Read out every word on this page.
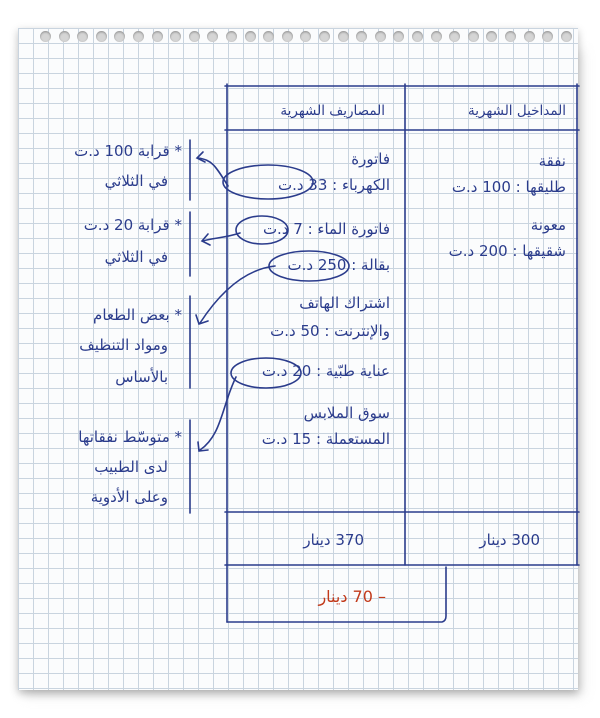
المداخيل الشهرية
المصاريف الشهرية
نفقة
طليقها : 100 د.ت
معونة
شقيقها : 200 د.ت
فاتورة
الكهرباء : 33 د.ت
فاتورة الماء : 7 د.ت
بقالة : 250 د.ت
اشتراك الهاتف
والإنترنت : 50 د.ت
عناية طبّية : 20 د.ت
سوق الملابس
المستعملة : 15 د.ت
300 دينار
370 دينار
– 70 دينار
* قرابة 100 د.ت
في الثلاثي
* قرابة 20 د.ت
في الثلاثي
* بعض الطعام
ومواد التنظيف
بالأساس
* متوسّط نفقاتها
لدى الطبيب
وعلى الأدوية
